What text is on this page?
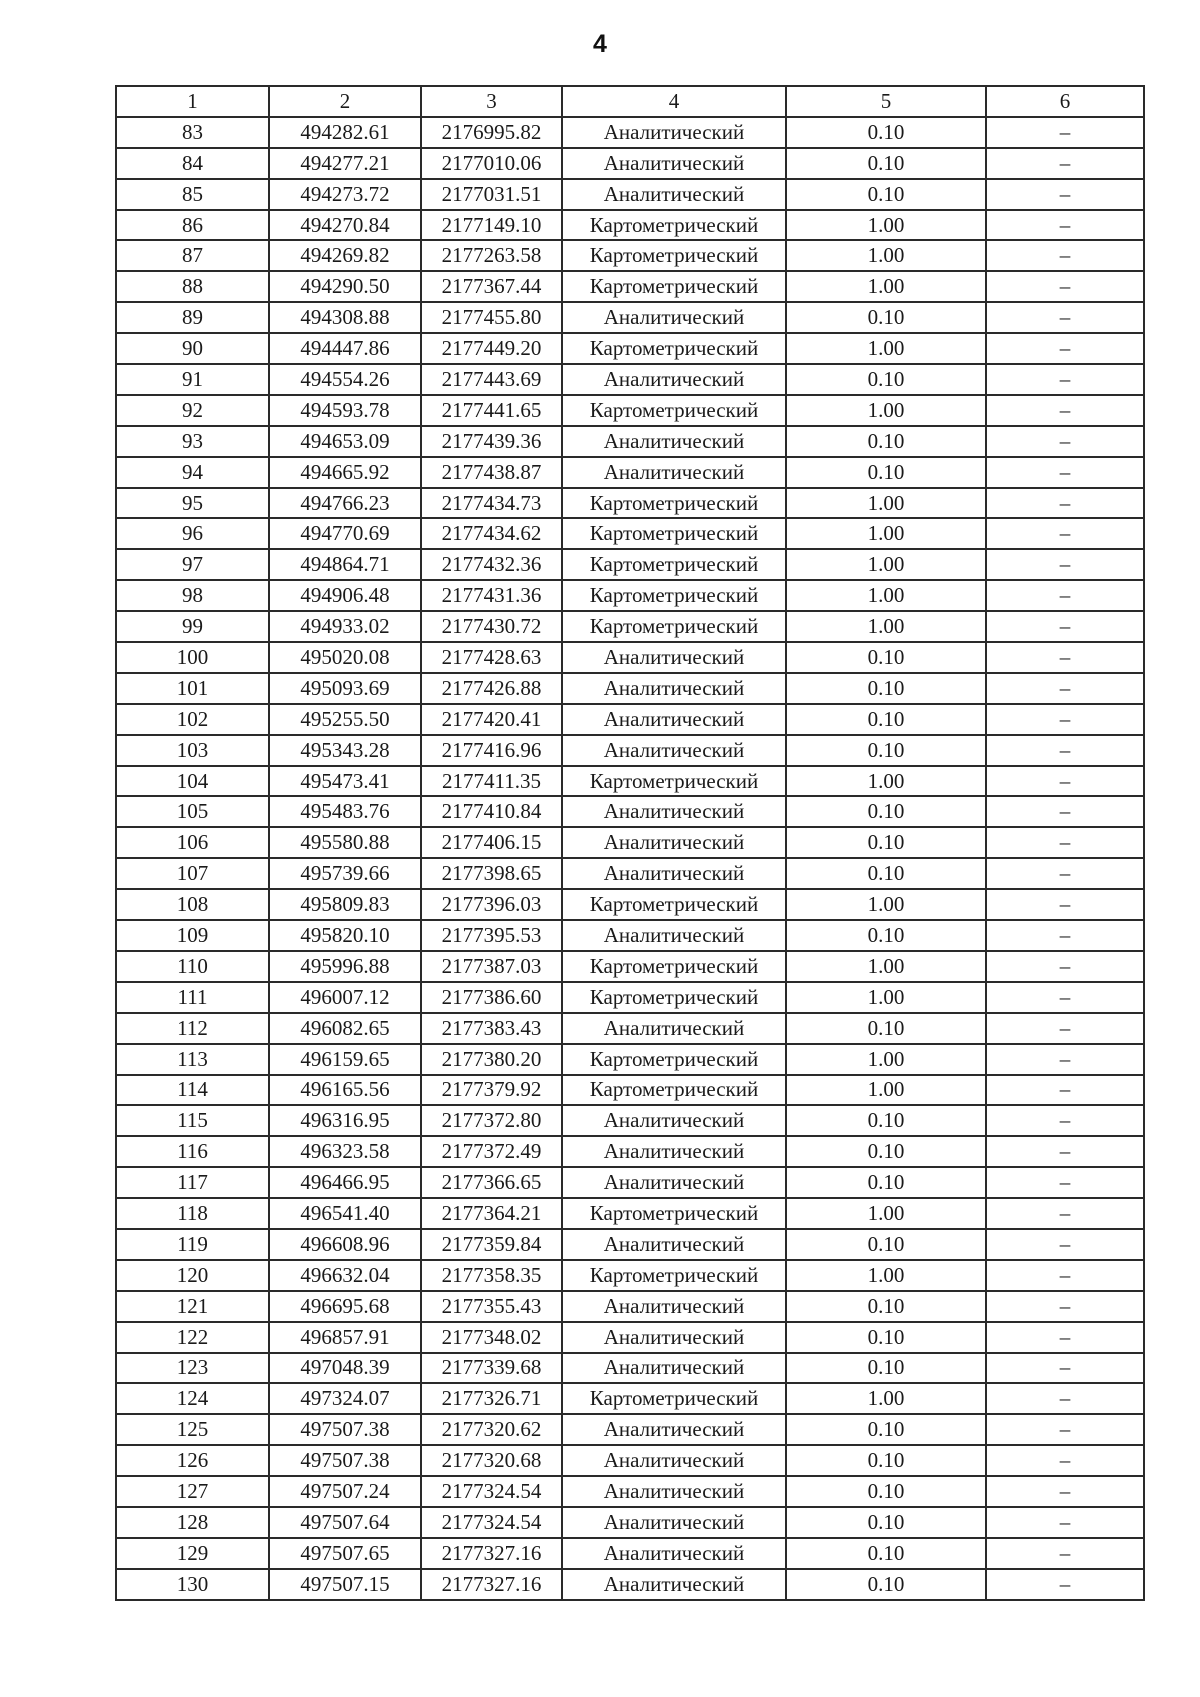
4
1	2	3	4	5	6
83	494282.61	2176995.82	Аналитический	0.10	–
84	494277.21	2177010.06	Аналитический	0.10	–
85	494273.72	2177031.51	Аналитический	0.10	–
86	494270.84	2177149.10	Картометрический	1.00	–
87	494269.82	2177263.58	Картометрический	1.00	–
88	494290.50	2177367.44	Картометрический	1.00	–
89	494308.88	2177455.80	Аналитический	0.10	–
90	494447.86	2177449.20	Картометрический	1.00	–
91	494554.26	2177443.69	Аналитический	0.10	–
92	494593.78	2177441.65	Картометрический	1.00	–
93	494653.09	2177439.36	Аналитический	0.10	–
94	494665.92	2177438.87	Аналитический	0.10	–
95	494766.23	2177434.73	Картометрический	1.00	–
96	494770.69	2177434.62	Картометрический	1.00	–
97	494864.71	2177432.36	Картометрический	1.00	–
98	494906.48	2177431.36	Картометрический	1.00	–
99	494933.02	2177430.72	Картометрический	1.00	–
100	495020.08	2177428.63	Аналитический	0.10	–
101	495093.69	2177426.88	Аналитический	0.10	–
102	495255.50	2177420.41	Аналитический	0.10	–
103	495343.28	2177416.96	Аналитический	0.10	–
104	495473.41	2177411.35	Картометрический	1.00	–
105	495483.76	2177410.84	Аналитический	0.10	–
106	495580.88	2177406.15	Аналитический	0.10	–
107	495739.66	2177398.65	Аналитический	0.10	–
108	495809.83	2177396.03	Картометрический	1.00	–
109	495820.10	2177395.53	Аналитический	0.10	–
110	495996.88	2177387.03	Картометрический	1.00	–
111	496007.12	2177386.60	Картометрический	1.00	–
112	496082.65	2177383.43	Аналитический	0.10	–
113	496159.65	2177380.20	Картометрический	1.00	–
114	496165.56	2177379.92	Картометрический	1.00	–
115	496316.95	2177372.80	Аналитический	0.10	–
116	496323.58	2177372.49	Аналитический	0.10	–
117	496466.95	2177366.65	Аналитический	0.10	–
118	496541.40	2177364.21	Картометрический	1.00	–
119	496608.96	2177359.84	Аналитический	0.10	–
120	496632.04	2177358.35	Картометрический	1.00	–
121	496695.68	2177355.43	Аналитический	0.10	–
122	496857.91	2177348.02	Аналитический	0.10	–
123	497048.39	2177339.68	Аналитический	0.10	–
124	497324.07	2177326.71	Картометрический	1.00	–
125	497507.38	2177320.62	Аналитический	0.10	–
126	497507.38	2177320.68	Аналитический	0.10	–
127	497507.24	2177324.54	Аналитический	0.10	–
128	497507.64	2177324.54	Аналитический	0.10	–
129	497507.65	2177327.16	Аналитический	0.10	–
130	497507.15	2177327.16	Аналитический	0.10	–
